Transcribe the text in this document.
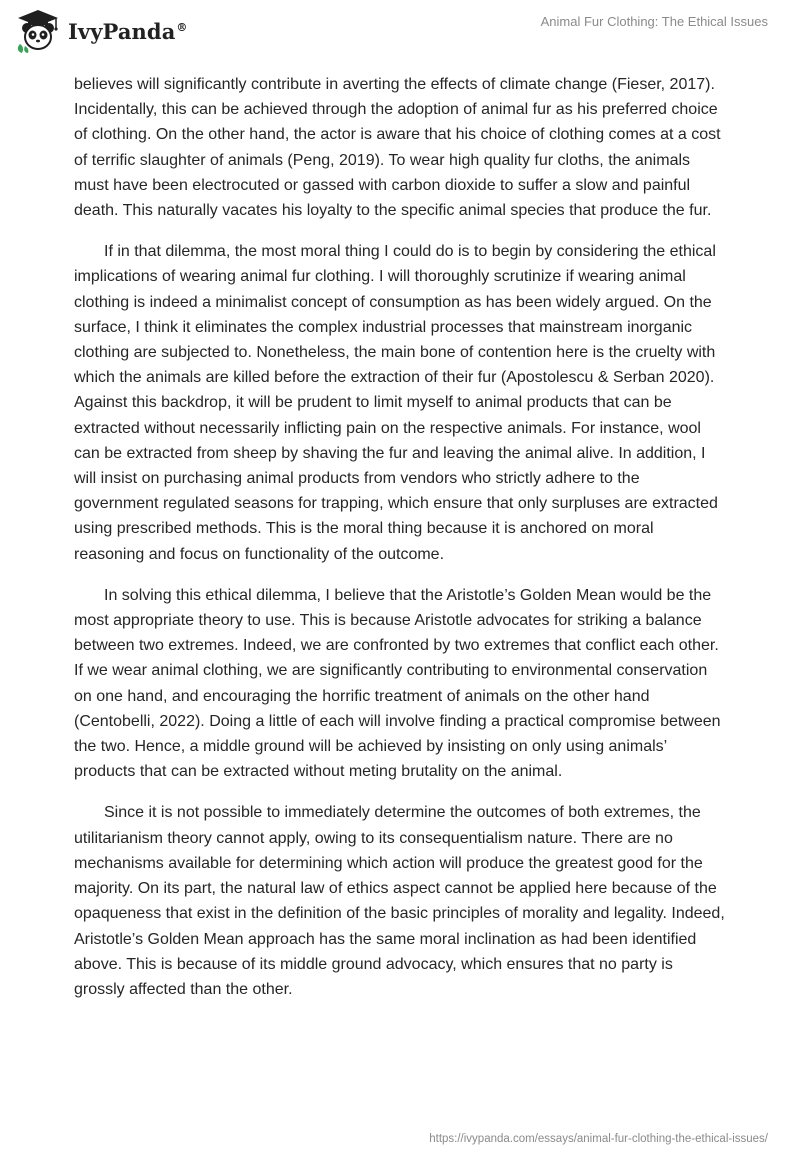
IvyPanda®	Animal Fur Clothing: The Ethical Issues

believes will significantly contribute in averting the effects of climate change (Fieser, 2017). Incidentally, this can be achieved through the adoption of animal fur as his preferred choice of clothing. On the other hand, the actor is aware that his choice of clothing comes at a cost of terrific slaughter of animals (Peng, 2019). To wear high quality fur cloths, the animals must have been electrocuted or gassed with carbon dioxide to suffer a slow and painful death. This naturally vacates his loyalty to the specific animal species that produce the fur.

If in that dilemma, the most moral thing I could do is to begin by considering the ethical implications of wearing animal fur clothing. I will thoroughly scrutinize if wearing animal clothing is indeed a minimalist concept of consumption as has been widely argued. On the surface, I think it eliminates the complex industrial processes that mainstream inorganic clothing are subjected to. Nonetheless, the main bone of contention here is the cruelty with which the animals are killed before the extraction of their fur (Apostolescu & Serban 2020). Against this backdrop, it will be prudent to limit myself to animal products that can be extracted without necessarily inflicting pain on the respective animals. For instance, wool can be extracted from sheep by shaving the fur and leaving the animal alive. In addition, I will insist on purchasing animal products from vendors who strictly adhere to the government regulated seasons for trapping, which ensure that only surpluses are extracted using prescribed methods. This is the moral thing because it is anchored on moral reasoning and focus on functionality of the outcome.

In solving this ethical dilemma, I believe that the Aristotle’s Golden Mean would be the most appropriate theory to use. This is because Aristotle advocates for striking a balance between two extremes. Indeed, we are confronted by two extremes that conflict each other. If we wear animal clothing, we are significantly contributing to environmental conservation on one hand, and encouraging the horrific treatment of animals on the other hand (Centobelli, 2022). Doing a little of each will involve finding a practical compromise between the two. Hence, a middle ground will be achieved by insisting on only using animals’ products that can be extracted without meting brutality on the animal.

Since it is not possible to immediately determine the outcomes of both extremes, the utilitarianism theory cannot apply, owing to its consequentialism nature. There are no mechanisms available for determining which action will produce the greatest good for the majority. On its part, the natural law of ethics aspect cannot be applied here because of the opaqueness that exist in the definition of the basic principles of morality and legality. Indeed, Aristotle’s Golden Mean approach has the same moral inclination as had been identified above. This is because of its middle ground advocacy, which ensures that no party is grossly affected than the other.

https://ivypanda.com/essays/animal-fur-clothing-the-ethical-issues/
